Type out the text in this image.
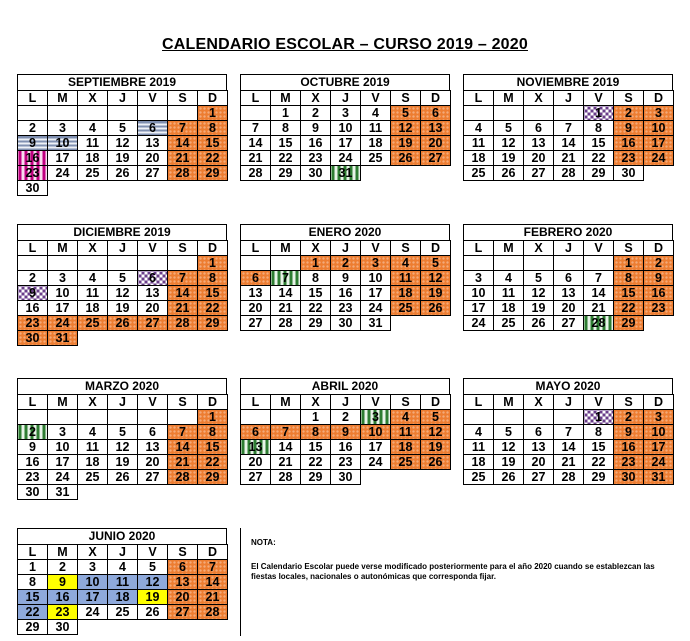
CALENDARIO ESCOLAR – CURSO 2019 – 2020
SEPTIEMBRE 2019
L	M	X	J	V	S	D
						1
2	3	4	5	6	7	8
9	10	11	12	13	14	15
16	17	18	19	20	21	22
23	24	25	26	27	28	29
30						
OCTUBRE 2019
L	M	X	J	V	S	D
	1	2	3	4	5	6
7	8	9	10	11	12	13
14	15	16	17	18	19	20
21	22	23	24	25	26	27
28	29	30	31			
NOVIEMBRE 2019
L	M	X	J	V	S	D
				1	2	3
4	5	6	7	8	9	10
11	12	13	14	15	16	17
18	19	20	21	22	23	24
25	26	27	28	29	30	
DICIEMBRE 2019
L	M	X	J	V	S	D
						1
2	3	4	5	6	7	8
9	10	11	12	13	14	15
16	17	18	19	20	21	22
23	24	25	26	27	28	29
30	31					
ENERO 2020
L	M	X	J	V	S	D
		1	2	3	4	5
6	7	8	9	10	11	12
13	14	15	16	17	18	19
20	21	22	23	24	25	26
27	28	29	30	31		
FEBRERO 2020
L	M	X	J	V	S	D
					1	2
3	4	5	6	7	8	9
10	11	12	13	14	15	16
17	18	19	20	21	22	23
24	25	26	27	28	29	
MARZO 2020
L	M	X	J	V	S	D
						1
2	3	4	5	6	7	8
9	10	11	12	13	14	15
16	17	18	19	20	21	22
23	24	25	26	27	28	29
30	31					
ABRIL 2020
L	M	X	J	V	S	D
		1	2	3	4	5
6	7	8	9	10	11	12
13	14	15	16	17	18	19
20	21	22	23	24	25	26
27	28	29	30			
MAYO 2020
L	M	X	J	V	S	D
				1	2	3
4	5	6	7	8	9	10
11	12	13	14	15	16	17
18	19	20	21	22	23	24
25	26	27	28	29	30	31
JUNIO 2020
L	M	X	J	V	S	D
1	2	3	4	5	6	7
8	9	10	11	12	13	14
15	16	17	18	19	20	21
22	23	24	25	26	27	28
29	30					
NOTA:
El Calendario Escolar puede verse modificado posteriormente para el año 2020 cuando se establezcan las fiestas locales, nacionales o autonómicas que corresponda fijar.
